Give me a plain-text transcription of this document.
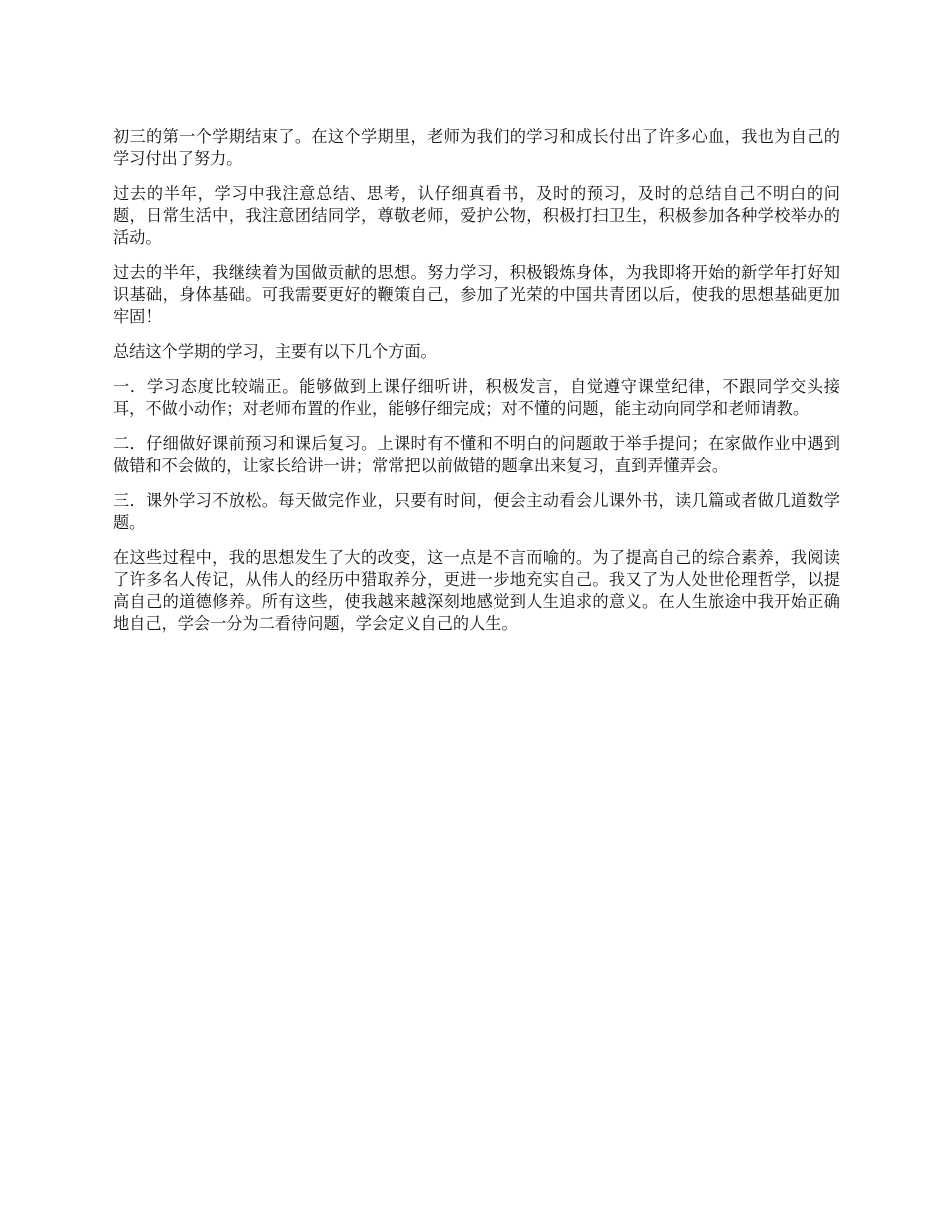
初三的第一个学期结束了。在这个学期里，老师为我们的学习和成长付出了许多心血，我也为自己的学习付出了努力。

过去的半年，学习中我注意总结、思考，认仔细真看书，及时的预习，及时的总结自己不明白的问题，日常生活中，我注意团结同学，尊敬老师，爱护公物，积极打扫卫生，积极参加各种学校举办的活动。

过去的半年，我继续着为国做贡献的思想。努力学习，积极锻炼身体，为我即将开始的新学年打好知识基础，身体基础。可我需要更好的鞭策自己，参加了光荣的中国共青团以后，使我的思想基础更加牢固！

总结这个学期的学习，主要有以下几个方面。

一．学习态度比较端正。能够做到上课仔细听讲，积极发言，自觉遵守课堂纪律，不跟同学交头接耳，不做小动作；对老师布置的作业，能够仔细完成；对不懂的问题，能主动向同学和老师请教。

二．仔细做好课前预习和课后复习。上课时有不懂和不明白的问题敢于举手提问；在家做作业中遇到做错和不会做的，让家长给讲一讲；常常把以前做错的题拿出来复习，直到弄懂弄会。

三．课外学习不放松。每天做完作业，只要有时间，便会主动看会儿课外书，读几篇或者做几道数学题。

在这些过程中，我的思想发生了大的改变，这一点是不言而喻的。为了提高自己的综合素养，我阅读了许多名人传记，从伟人的经历中猎取养分，更进一步地充实自己。我又了为人处世伦理哲学，以提高自己的道德修养。所有这些，使我越来越深刻地感觉到人生追求的意义。在人生旅途中我开始正确地自己，学会一分为二看待问题，学会定义自己的人生。
